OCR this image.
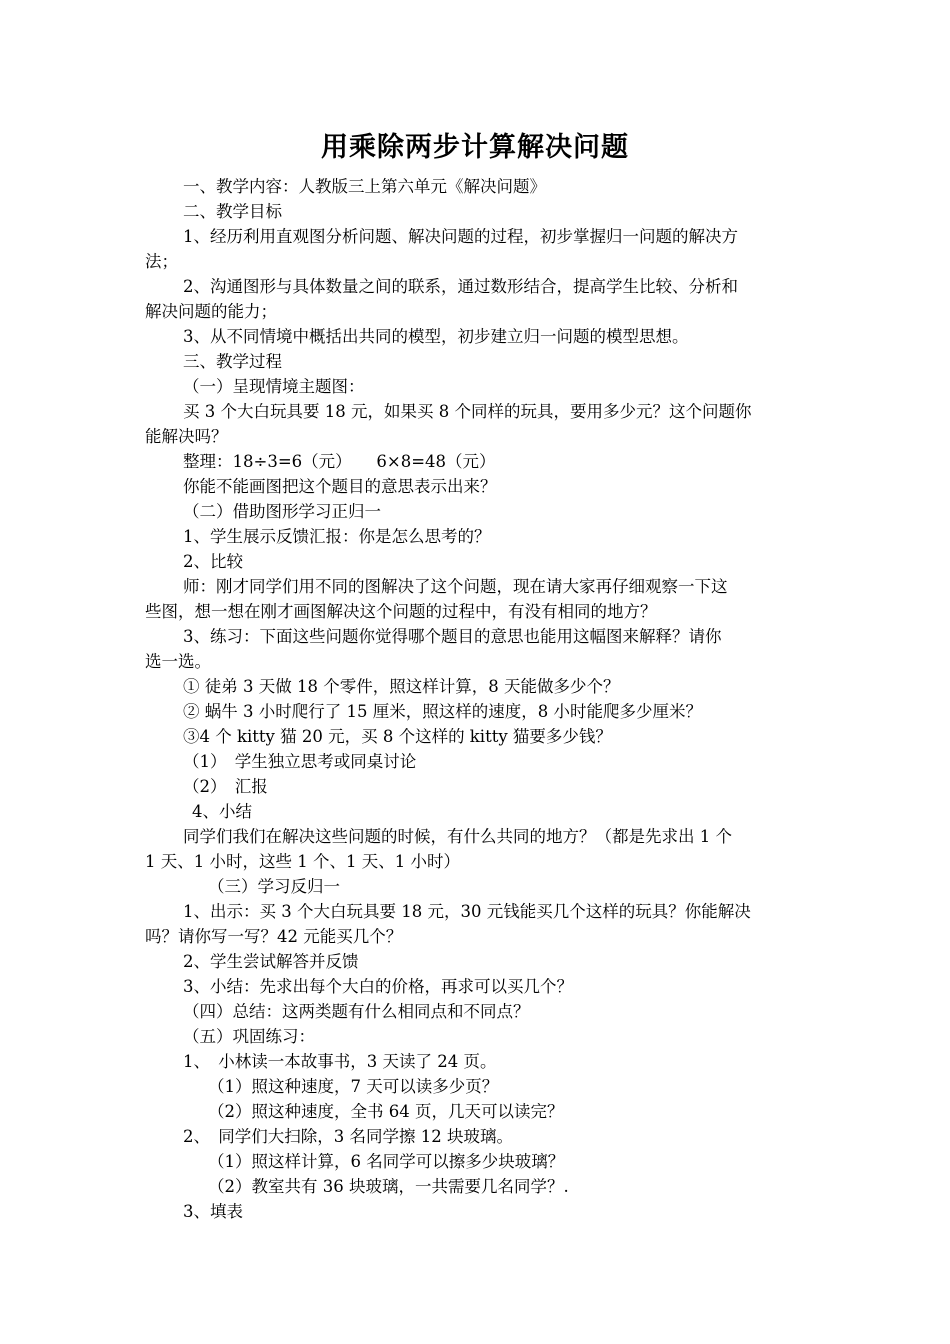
用乘除两步计算解决问题
一、教学内容：人教版三上第六单元《解决问题》
二、教学目标
1、经历利用直观图分析问题、解决问题的过程，初步掌握归一问题的解决方
法；
2、沟通图形与具体数量之间的联系，通过数形结合，提高学生比较、分析和
解决问题的能力；
3、从不同情境中概括出共同的模型，初步建立归一问题的模型思想。
三、教学过程
（一）呈现情境主题图：
买 3 个大白玩具要 18 元，如果买 8 个同样的玩具，要用多少元？这个问题你
能解决吗？
整理：18÷3=6（元）　　6×8=48（元）
你能不能画图把这个题目的意思表示出来？
（二）借助图形学习正归一
1、学生展示反馈汇报：你是怎么思考的？
2、比较
师：刚才同学们用不同的图解决了这个问题，现在请大家再仔细观察一下这
些图，想一想在刚才画图解决这个问题的过程中，有没有相同的地方？
3、练习：下面这些问题你觉得哪个题目的意思也能用这幅图来解释？请你
选一选。
① 徒弟 3 天做 18 个零件，照这样计算，8 天能做多少个？
② 蜗牛 3 小时爬行了 15 厘米，照这样的速度，8 小时能爬多少厘米？
③4 个 kitty 猫 20 元，买 8 个这样的 kitty 猫要多少钱？
（1）　学生独立思考或同桌讨论
（2）　汇报
4、小结
同学们我们在解决这些问题的时候，有什么共同的地方？（都是先求出 1 个
1 天、1 小时，这些 1 个、1 天、1 小时）
（三）学习反归一
1、出示：买 3 个大白玩具要 18 元，30 元钱能买几个这样的玩具？你能解决
吗？请你写一写？42 元能买几个？
2、学生尝试解答并反馈
3、小结：先求出每个大白的价格，再求可以买几个？
（四）总结：这两类题有什么相同点和不同点？
（五）巩固练习：
1、　小林读一本故事书，3 天读了 24 页。
（1）照这种速度，7 天可以读多少页？
（2）照这种速度，全书 64 页，几天可以读完？
2、　同学们大扫除，3 名同学擦 12 块玻璃。
（1）照这样计算，6 名同学可以擦多少块玻璃？
（2）教室共有 36 块玻璃，一共需要几名同学？.
3、填表
